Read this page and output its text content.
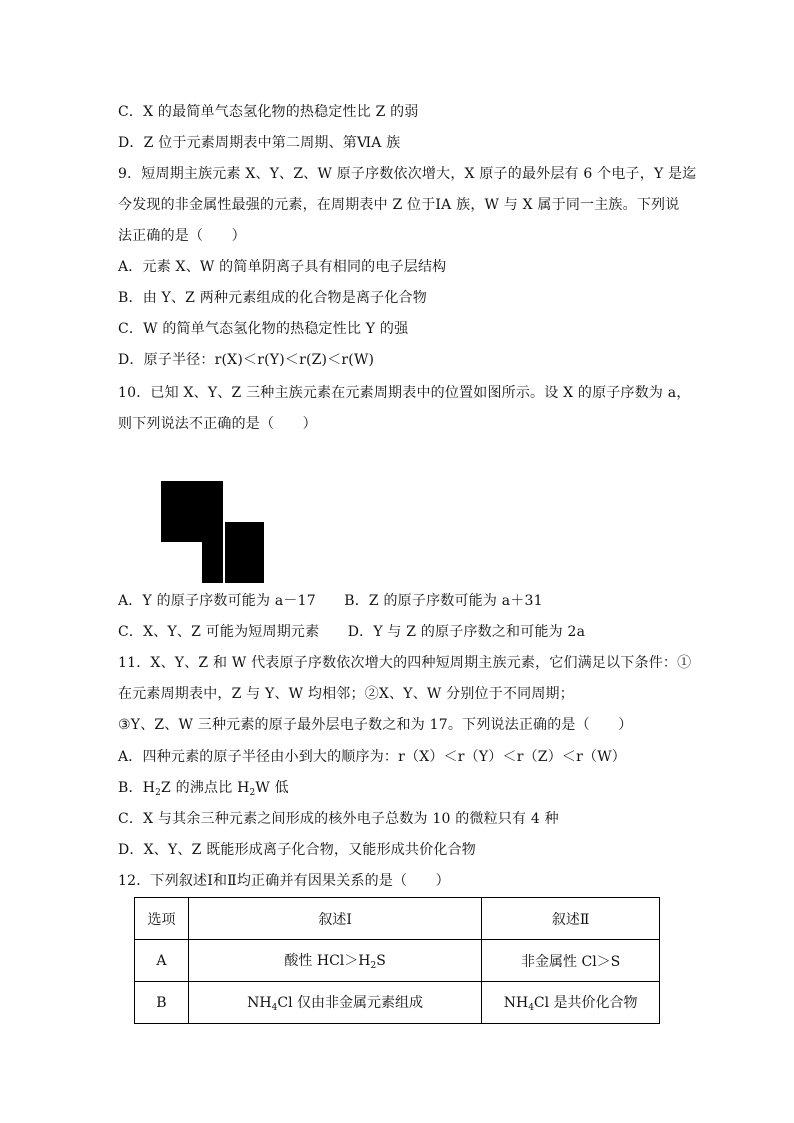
C．X 的最简单气态氢化物的热稳定性比 Z 的弱
D．Z 位于元素周期表中第二周期、第ⅥA 族
9．短周期主族元素 X、Y、Z、W 原子序数依次增大，X 原子的最外层有 6 个电子，Y 是迄
今发现的非金属性最强的元素，在周期表中 Z 位于ⅠA 族，W 与 X 属于同一主族。下列说
法正确的是（　　）
A．元素 X、W 的简单阴离子具有相同的电子层结构
B．由 Y、Z 两种元素组成的化合物是离子化合物
C．W 的简单气态氢化物的热稳定性比 Y 的强
D．原子半径：r(X)＜r(Y)＜r(Z)＜r(W)
10．已知 X、Y、Z 三种主族元素在元素周期表中的位置如图所示。设 X 的原子序数为 a，
则下列说法不正确的是（　　）
A．Y 的原子序数可能为 a－17　　B．Z 的原子序数可能为 a＋31
C．X、Y、Z 可能为短周期元素　　D．Y 与 Z 的原子序数之和可能为 2a
11．X、Y、Z 和 W 代表原子序数依次增大的四种短周期主族元素，它们满足以下条件：①
在元素周期表中，Z 与 Y、W 均相邻；②X、Y、W 分别位于不同周期；
③Y、Z、W 三种元素的原子最外层电子数之和为 17。下列说法正确的是（　　）
A．四种元素的原子半径由小到大的顺序为：r（X）＜r（Y）＜r（Z）＜r（W）
B．$H_2Z$ 的沸点比 $H_2W$ 低
C．X 与其余三种元素之间形成的核外电子总数为 10 的微粒只有 4 种
D．X、Y、Z 既能形成离子化合物，又能形成共价化合物
12．下列叙述Ⅰ和Ⅱ均正确并有因果关系的是（　　）
选项	叙述Ⅰ	叙述Ⅱ
A	酸性 $HCl>H_2S$	非金属性 Cl＞S
B	$NH_4Cl$ 仅由非金属元素组成	$NH_4Cl$ 是共价化合物
